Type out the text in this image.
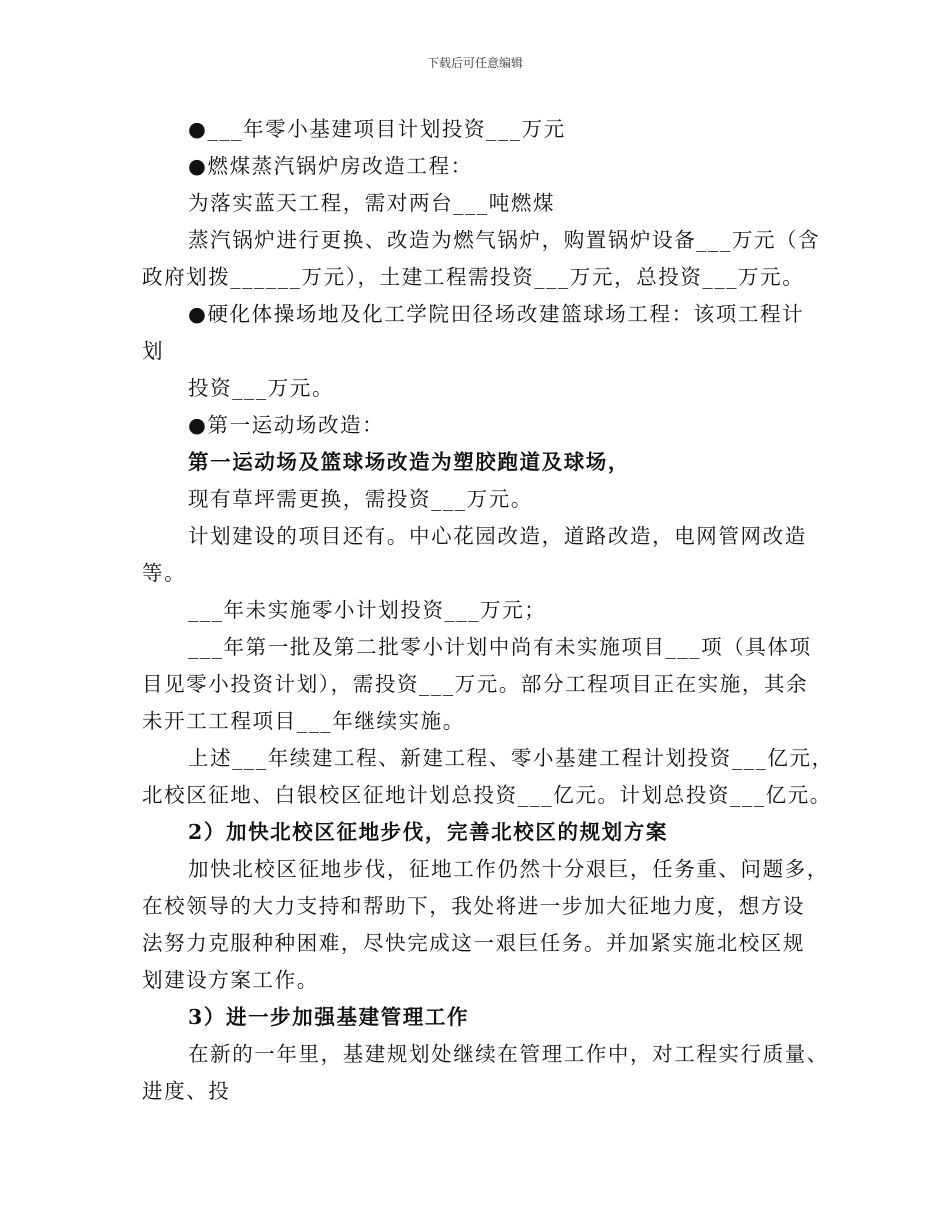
下载后可任意编辑
●___年零小基建项目计划投资___万元
●燃煤蒸汽锅炉房改造工程：
为落实蓝天工程，需对两台___吨燃煤
蒸汽锅炉进行更换、改造为燃气锅炉，购置锅炉设备___万元（含
政府划拨______万元），土建工程需投资___万元，总投资___万元。
●硬化体操场地及化工学院田径场改建篮球场工程：该项工程计
划
投资___万元。
●第一运动场改造：
第一运动场及篮球场改造为塑胶跑道及球场，
现有草坪需更换，需投资___万元。
计划建设的项目还有。中心花园改造，道路改造，电网管网改造
等。
___年未实施零小计划投资___万元；
___年第一批及第二批零小计划中尚有未实施项目___项（具体项
目见零小投资计划），需投资___万元。部分工程项目正在实施，其余
未开工工程项目___年继续实施。
上述___年续建工程、新建工程、零小基建工程计划投资___亿元，
北校区征地、白银校区征地计划总投资___亿元。计划总投资___亿元。
2）加快北校区征地步伐，完善北校区的规划方案
加快北校区征地步伐，征地工作仍然十分艰巨，任务重、问题多，
在校领导的大力支持和帮助下，我处将进一步加大征地力度，想方设
法努力克服种种困难，尽快完成这一艰巨任务。并加紧实施北校区规
划建设方案工作。
3）进一步加强基建管理工作
在新的一年里，基建规划处继续在管理工作中，对工程实行质量、
进度、投
